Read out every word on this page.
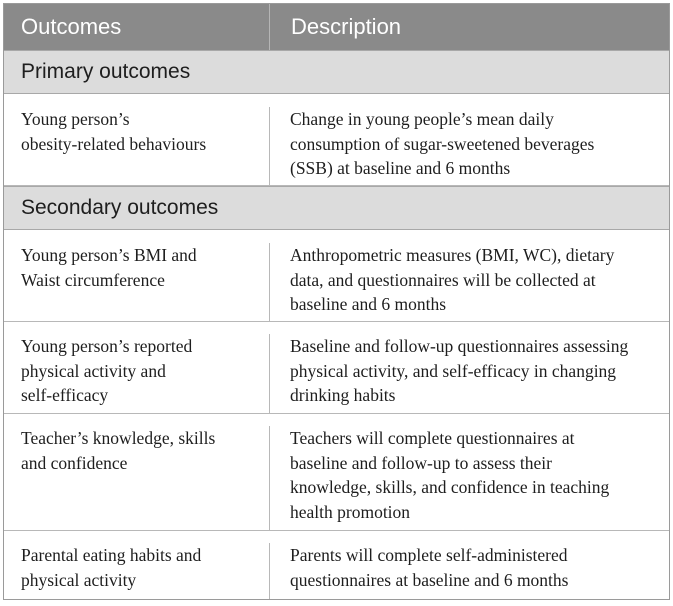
Outcomes	Description
Primary outcomes
Young person’s
obesity-related behaviours
Change in young people’s mean daily
consumption of sugar-sweetened beverages
(SSB) at baseline and 6 months
Secondary outcomes
Young person’s BMI and
Waist circumference
Anthropometric measures (BMI, WC), dietary
data, and questionnaires will be collected at
baseline and 6 months
Young person’s reported
physical activity and
self-efficacy
Baseline and follow-up questionnaires assessing
physical activity, and self-efficacy in changing
drinking habits
Teacher’s knowledge, skills
and confidence
Teachers will complete questionnaires at
baseline and follow-up to assess their
knowledge, skills, and confidence in teaching
health promotion
Parental eating habits and
physical activity
Parents will complete self-administered
questionnaires at baseline and 6 months
